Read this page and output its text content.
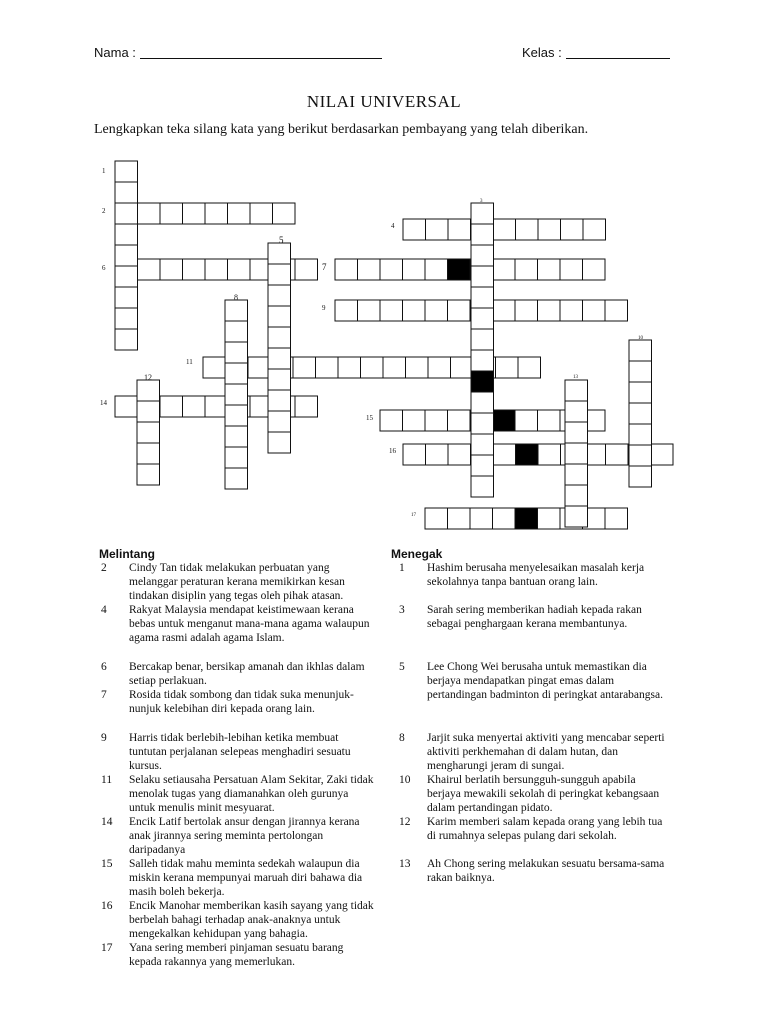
Nama :	Kelas :
NILAI UNIVERSAL
Lengkapkan teka silang kata yang berikut berdasarkan pembayang yang telah diberikan.
1
2
3
4
5
6	7
8
9
10
11
12	13
14
15
16
17
Melintang	Menegak
2 Cindy Tan tidak melakukan perbuatan yang melanggar peraturan kerana memikirkan kesan tindakan disiplin yang tegas oleh pihak atasan.
4 Rakyat Malaysia mendapat keistimewaan kerana bebas untuk menganut mana-mana agama walaupun agama rasmi adalah agama Islam.
6 Bercakap benar, bersikap amanah dan ikhlas dalam setiap perlakuan.
7 Rosida tidak sombong dan tidak suka menunjuk-nunjuk kelebihan diri kepada orang lain.
9 Harris tidak berlebih-lebihan ketika membuat tuntutan perjalanan selepeas menghadiri sesuatu kursus.
11 Selaku setiausaha Persatuan Alam Sekitar, Zaki tidak menolak tugas yang diamanahkan oleh gurunya untuk menulis minit mesyuarat.
14 Encik Latif bertolak ansur dengan jirannya kerana anak jirannya sering meminta pertolongan daripadanya
15 Salleh tidak mahu meminta sedekah walaupun dia miskin kerana mempunyai maruah diri bahawa dia masih boleh bekerja.
16 Encik Manohar memberikan kasih sayang yang tidak berbelah bahagi terhadap anak-anaknya untuk mengekalkan kehidupan yang bahagia.
17 Yana sering memberi pinjaman sesuatu barang kepada rakannya yang memerlukan.
1 Hashim berusaha menyelesaikan masalah kerja sekolahnya tanpa bantuan orang lain.
3 Sarah sering memberikan hadiah kepada rakan sebagai penghargaan kerana membantunya.
5 Lee Chong Wei berusaha untuk memastikan dia berjaya mendapatkan pingat emas dalam pertandingan badminton di peringkat antarabangsa.
8 Jarjit suka menyertai aktiviti yang mencabar seperti aktiviti perkhemahan di dalam hutan, dan mengharungi jeram di sungai.
10 Khairul berlatih bersungguh-sungguh apabila berjaya mewakili sekolah di peringkat kebangsaan dalam pertandingan pidato.
12 Karim memberi salam kepada orang yang lebih tua di rumahnya selepas pulang dari sekolah.
13 Ah Chong sering melakukan sesuatu bersama-sama rakan baiknya.
